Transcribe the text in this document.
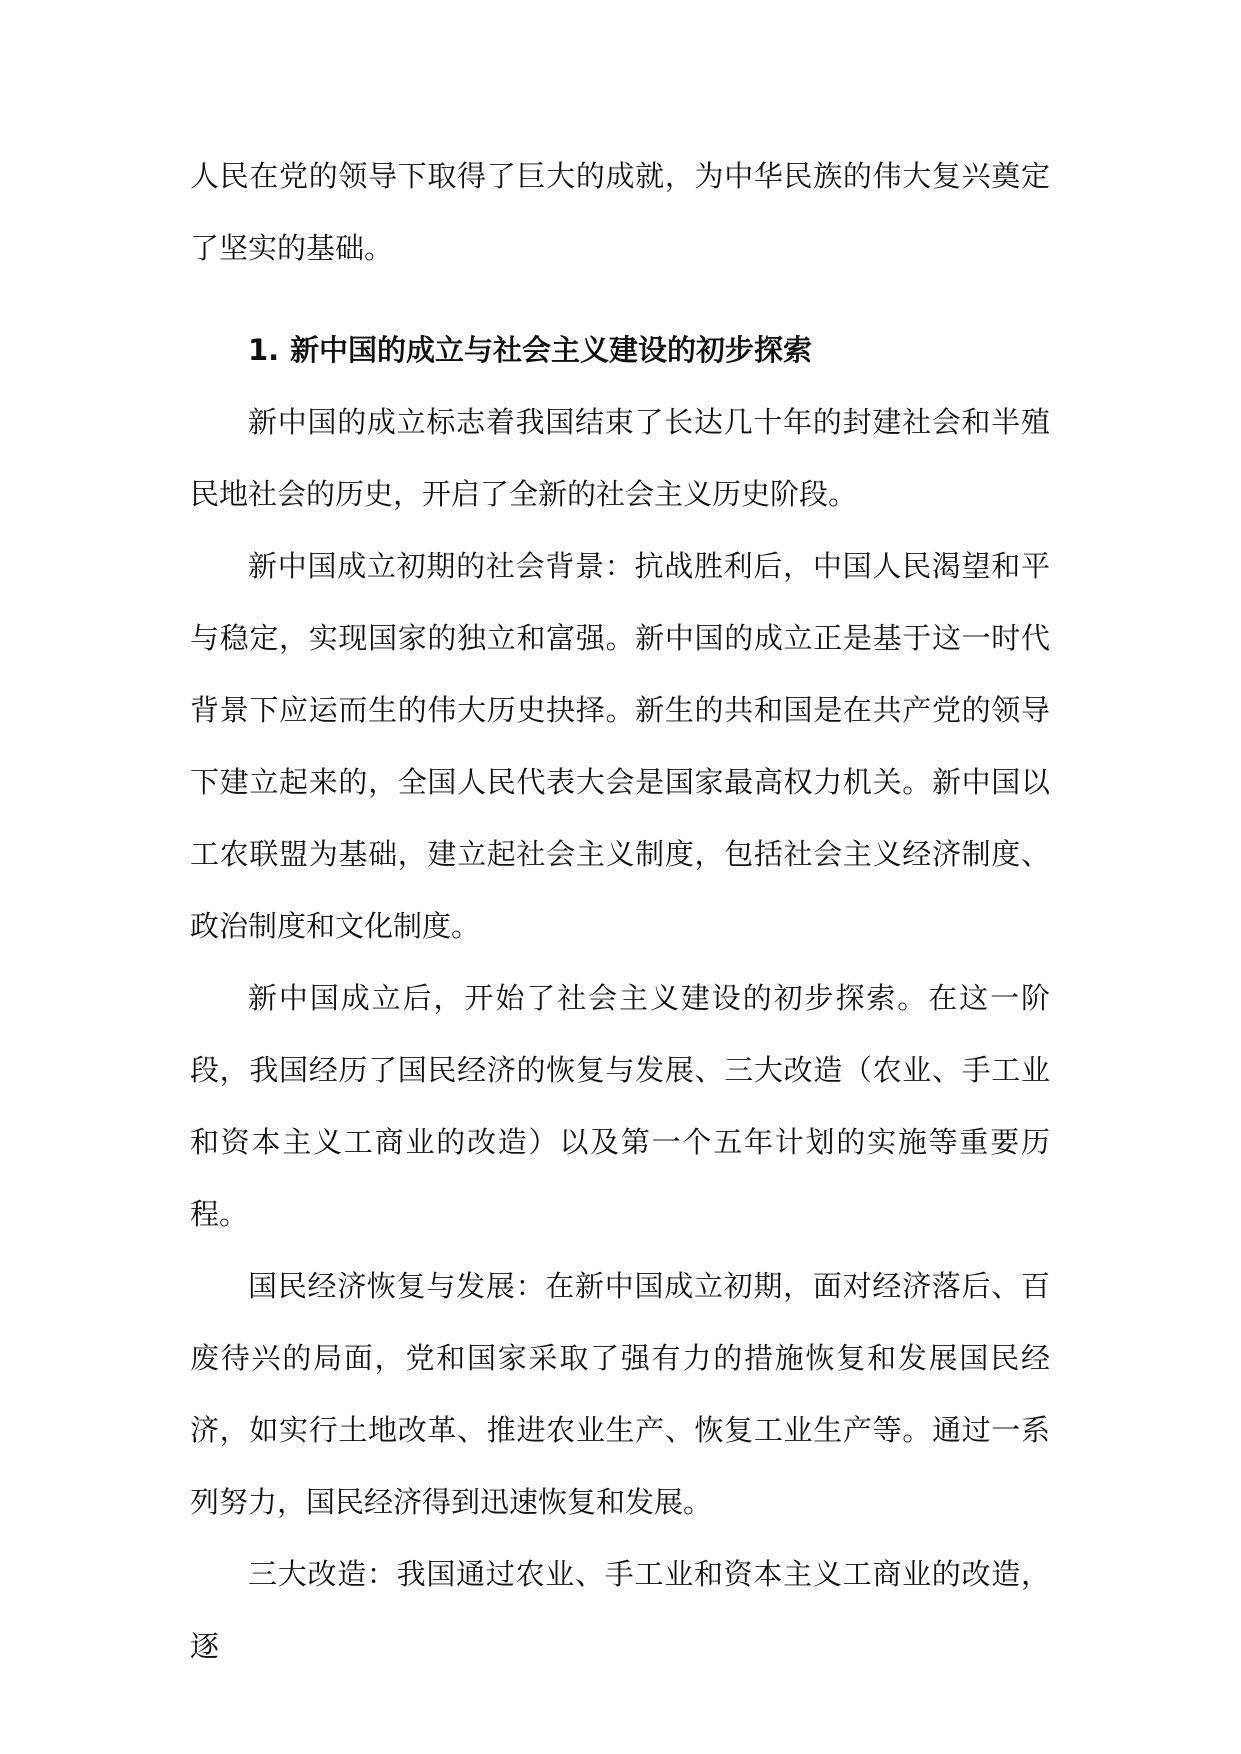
人民在党的领导下取得了巨大的成就，为中华民族的伟大复兴奠定了坚实的基础。

1. 新中国的成立与社会主义建设的初步探索

新中国的成立标志着我国结束了长达几十年的封建社会和半殖民地社会的历史，开启了全新的社会主义历史阶段。

新中国成立初期的社会背景：抗战胜利后，中国人民渴望和平与稳定，实现国家的独立和富强。新中国的成立正是基于这一时代背景下应运而生的伟大历史抉择。新生的共和国是在共产党的领导下建立起来的，全国人民代表大会是国家最高权力机关。新中国以工农联盟为基础，建立起社会主义制度，包括社会主义经济制度、政治制度和文化制度。

新中国成立后，开始了社会主义建设的初步探索。在这一阶段，我国经历了国民经济的恢复与发展、三大改造（农业、手工业和资本主义工商业的改造）以及第一个五年计划的实施等重要历程。

国民经济恢复与发展：在新中国成立初期，面对经济落后、百废待兴的局面，党和国家采取了强有力的措施恢复和发展国民经济，如实行土地改革、推进农业生产、恢复工业生产等。通过一系列努力，国民经济得到迅速恢复和发展。

三大改造：我国通过农业、手工业和资本主义工商业的改造，逐
